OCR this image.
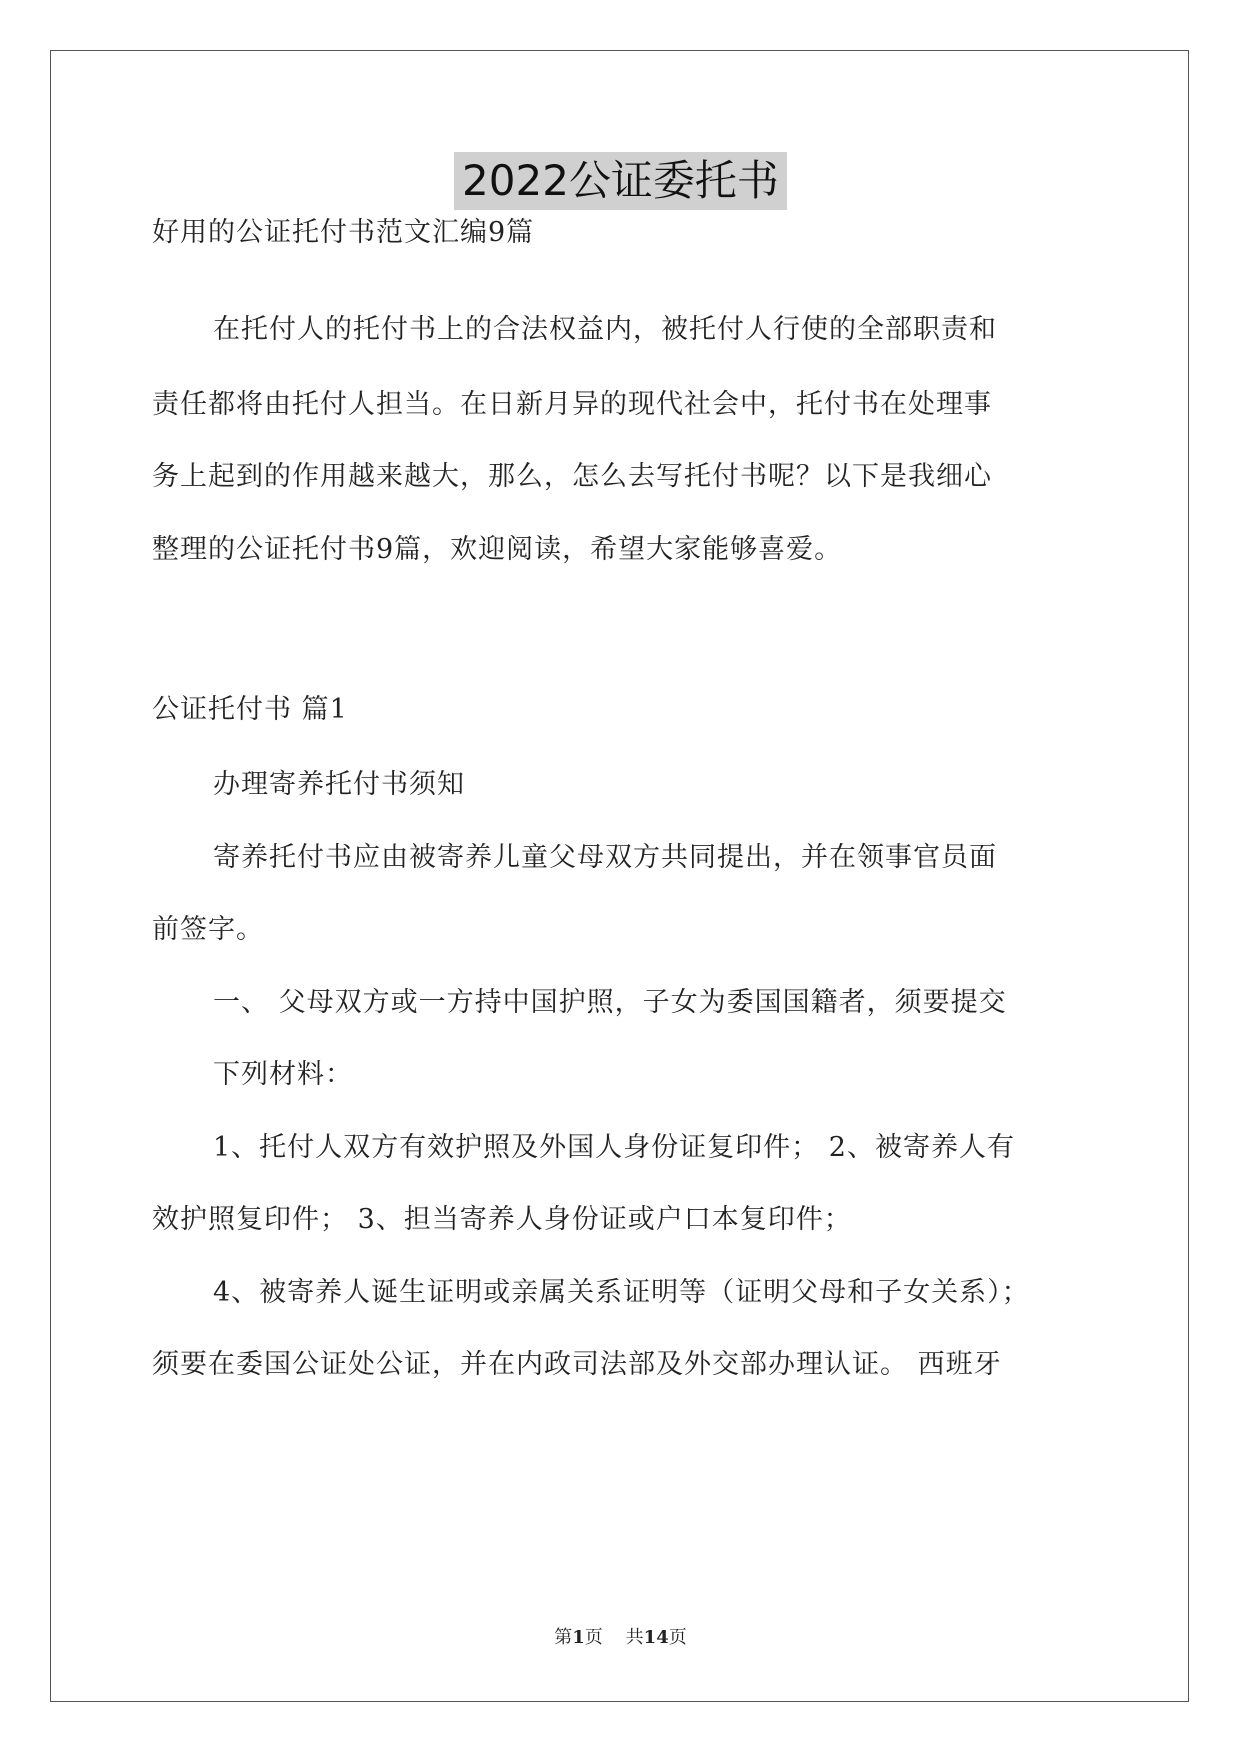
2022公证委托书
好用的公证托付书范文汇编9篇
在托付人的托付书上的合法权益内，被托付人行使的全部职责和
责任都将由托付人担当。在日新月异的现代社会中，托付书在处理事
务上起到的作用越来越大，那么，怎么去写托付书呢？以下是我细心
整理的公证托付书9篇，欢迎阅读，希望大家能够喜爱。
公证托付书 篇1
办理寄养托付书须知
寄养托付书应由被寄养儿童父母双方共同提出，并在领事官员面
前签字。
一、 父母双方或一方持中国护照，子女为委国国籍者，须要提交
下列材料：
1、托付人双方有效护照及外国人身份证复印件； 2、被寄养人有
效护照复印件； 3、担当寄养人身份证或户口本复印件；
4、被寄养人诞生证明或亲属关系证明等（证明父母和子女关系）；
须要在委国公证处公证，并在内政司法部及外交部办理认证。 西班牙
第1页    共14页
